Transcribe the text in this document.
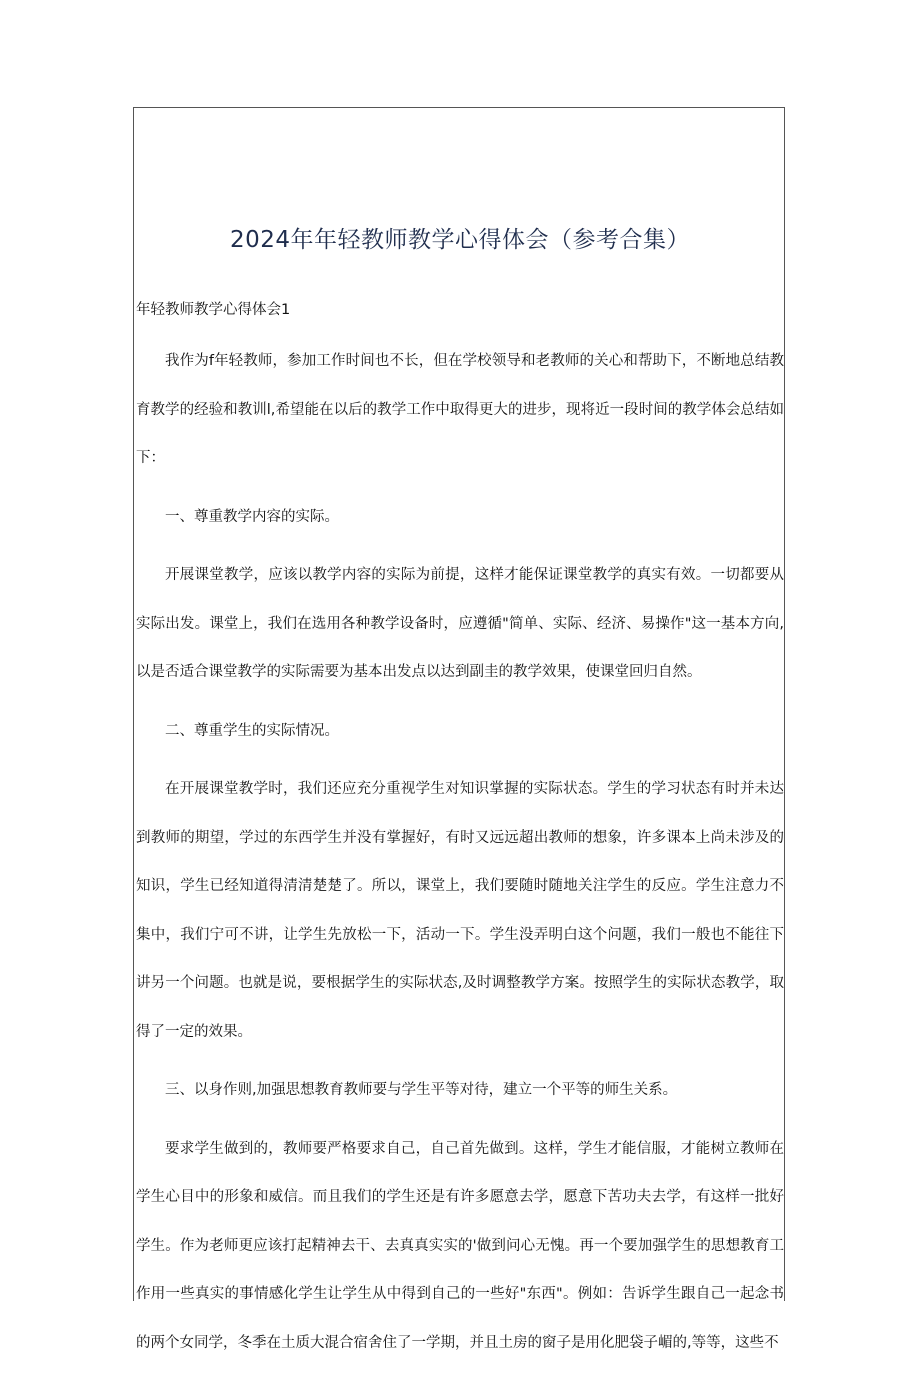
2024年年轻教师教学心得体会（参考合集）
年轻教师教学心得体会1

我作为f年轻教师，参加工作时间也不长，但在学校领导和老教师的关心和帮助下，不断地总结教育教学的经验和教训l,希望能在以后的教学工作中取得更大的进步，现将近一段时间的教学体会总结如下：

一、尊重教学内容的实际。

开展课堂教学，应该以教学内容的实际为前提，这样才能保证课堂教学的真实有效。一切都要从实际出发。课堂上，我们在选用各种教学设备时，应遵循"简单、实际、经济、易操作"这一基本方向,以是否适合课堂教学的实际需要为基本出发点以达到副圭的教学效果，使课堂回归自然。

二、尊重学生的实际情况。

在开展课堂教学时，我们还应充分重视学生对知识掌握的实际状态。学生的学习状态有时并未达到教师的期望，学过的东西学生并没有掌握好，有时又远远超出教师的想象，许多课本上尚未涉及的知识，学生已经知道得清清楚楚了。所以，课堂上，我们要随时随地关注学生的反应。学生注意力不集中，我们宁可不讲，让学生先放松一下，活动一下。学生没弄明白这个问题，我们一般也不能往下讲另一个问题。也就是说，要根据学生的实际状态,及时调整教学方案。按照学生的实际状态教学，取得了一定的效果。

三、以身作则,加强思想教育教师要与学生平等对待，建立一个平等的师生关系。

要求学生做到的，教师要严格要求自己，自己首先做到。这样，学生才能信服，才能树立教师在学生心目中的形象和威信。而且我们的学生还是有许多愿意去学，愿意下苦功夫去学，有这样一批好学生。作为老师更应该打起精神去干、去真真实实的'做到问心无愧。再一个要加强学生的思想教育工作用一些真实的事情感化学生让学生从中得到自己的一些好"东西"。例如：告诉学生跟自己一起念书的两个女同学，冬季在土质大混合宿舍住了一学期，并且土房的窗子是用化肥袋子嵋的,等等，这些不
